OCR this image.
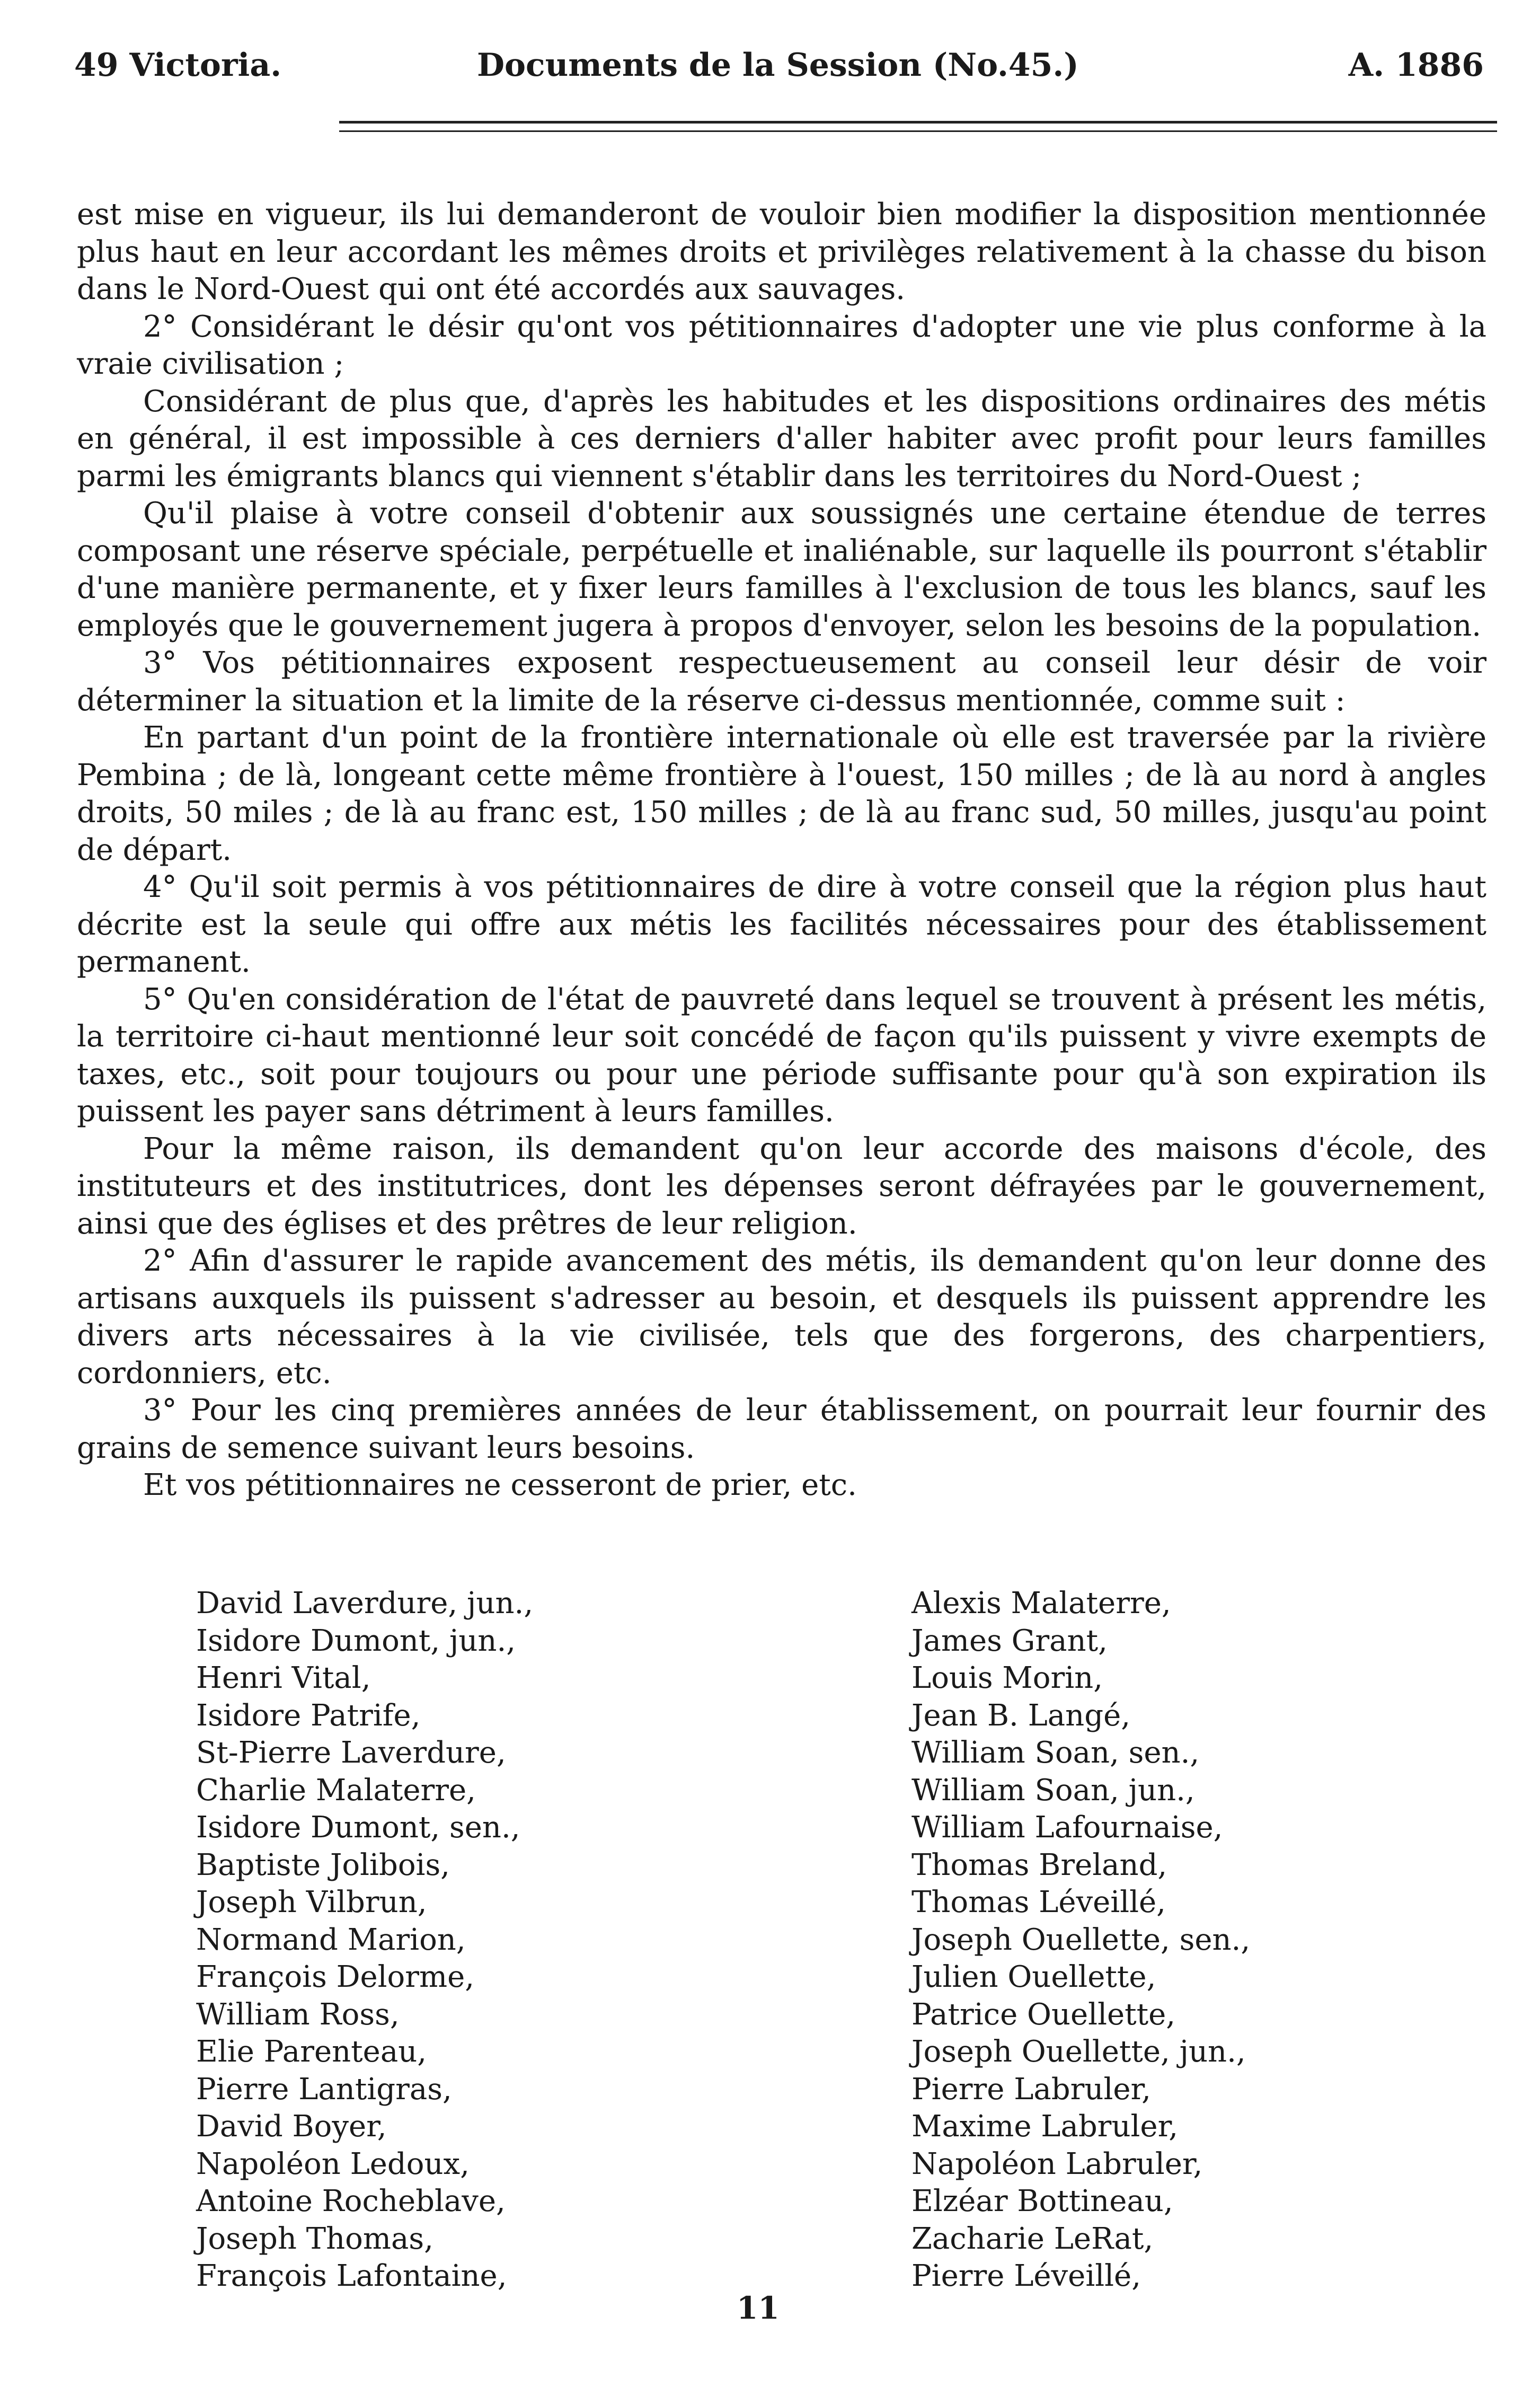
49 Victoria.	Documents de la Session (No.45.)	A. 1886

est mise en vigueur, ils lui demanderont de vouloir bien modifier la disposition mentionnée plus haut en leur accordant les mêmes droits et privilèges relativement à la chasse du bison dans le Nord-Ouest qui ont été accordés aux sauvages.

2° Considérant le désir qu'ont vos pétitionnaires d'adopter une vie plus conforme à la vraie civilisation ;

Considérant de plus que, d'après les habitudes et les dispositions ordinaires des métis en général, il est impossible à ces derniers d'aller habiter avec profit pour leurs familles parmi les émigrants blancs qui viennent s'établir dans les territoires du Nord-Ouest ;

Qu'il plaise à votre conseil d'obtenir aux soussignés une certaine étendue de terres composant une réserve spéciale, perpétuelle et inaliénable, sur laquelle ils pourront s'établir d'une manière permanente, et y fixer leurs familles à l'exclusion de tous les blancs, sauf les employés que le gouvernement jugera à propos d'envoyer, selon les besoins de la population.

3° Vos pétitionnaires exposent respectueusement au conseil leur désir de voir déterminer la situation et la limite de la réserve ci-dessus mentionnée, comme suit :

En partant d'un point de la frontière internationale où elle est traversée par la rivière Pembina ; de là, longeant cette même frontière à l'ouest, 150 milles ; de là au nord à angles droits, 50 miles ; de là au franc est, 150 milles ; de là au franc sud, 50 milles, jusqu'au point de départ.

4° Qu'il soit permis à vos pétitionnaires de dire à votre conseil que la région plus haut décrite est la seule qui offre aux métis les facilités nécessaires pour des établissement permanent.

5° Qu'en considération de l'état de pauvreté dans lequel se trouvent à présent les métis, la territoire ci-haut mentionné leur soit concédé de façon qu'ils puissent y vivre exempts de taxes, etc., soit pour toujours ou pour une période suffisante pour qu'à son expiration ils puissent les payer sans détriment à leurs familles.

Pour la même raison, ils demandent qu'on leur accorde des maisons d'école, des instituteurs et des institutrices, dont les dépenses seront défrayées par le gouvernement, ainsi que des églises et des prêtres de leur religion.

2° Afin d'assurer le rapide avancement des métis, ils demandent qu'on leur donne des artisans auxquels ils puissent s'adresser au besoin, et desquels ils puissent apprendre les divers arts nécessaires à la vie civilisée, tels que des forgerons, des charpentiers, cordonniers, etc.

3° Pour les cinq premières années de leur établissement, on pourrait leur fournir des grains de semence suivant leurs besoins.

Et vos pétitionnaires ne cesseront de prier, etc.

David Laverdure, jun.,
Isidore Dumont, jun.,
Henri Vital,
Isidore Patrife,
St-Pierre Laverdure,
Charlie Malaterre,
Isidore Dumont, sen.,
Baptiste Jolibois,
Joseph Vilbrun,
Normand Marion,
François Delorme,
William Ross,
Elie Parenteau,
Pierre Lantigras,
David Boyer,
Napoléon Ledoux,
Antoine Rocheblave,
Joseph Thomas,
François Lafontaine,
Alexis Malaterre,
James Grant,
Louis Morin,
Jean B. Langé,
William Soan, sen.,
William Soan, jun.,
William Lafournaise,
Thomas Breland,
Thomas Léveillé,
Joseph Ouellette, sen.,
Julien Ouellette,
Patrice Ouellette,
Joseph Ouellette, jun.,
Pierre Labruler,
Maxime Labruler,
Napoléon Labruler,
Elzéar Bottineau,
Zacharie LeRat,
Pierre Léveillé,
11
